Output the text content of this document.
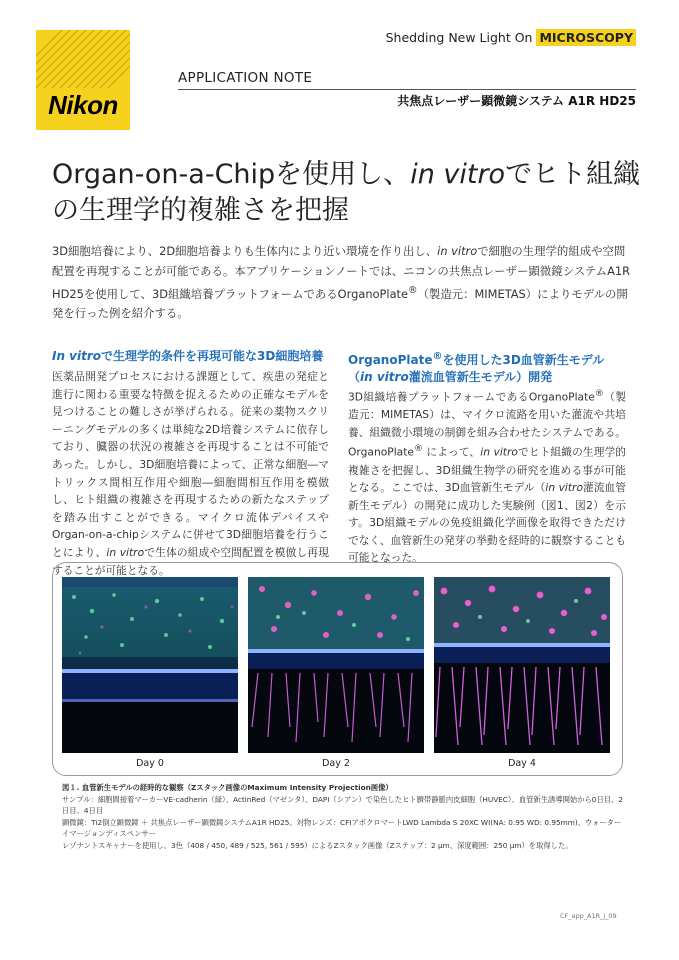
Nikon
Shedding New Light On MICROSCOPY
APPLICATION NOTE
共焦点レーザー顕微鏡システム A1R HD25
Organ-on-a-Chipを使用し、in vitroでヒト組織
の生理学的複雑さを把握
3D細胞培養により、2D細胞培養よりも生体内により近い環境を作り出し、in vitroで細胞の生理学的組成や空間配置を再現することが可能である。本アプリケーションノートでは、ニコンの共焦点レーザー顕微鏡システムA1R HD25を使用して、3D組織培養プラットフォームであるOrganoPlate®（製造元：MIMETAS）によりモデルの開発を行った例を紹介する。
In vitroで生理学的条件を再現可能な3D細胞培養
医薬品開発プロセスにおける課題として、疾患の発症と進行に関わる重要な特徴を捉えるための正確なモデルを見つけることの難しさが挙げられる。従来の薬物スクリーニングモデルの多くは単純な2D培養システムに依存しており、臓器の状況の複雑さを再現することは不可能であった。しかし、3D細胞培養によって、正常な細胞―マトリックス間相互作用や細胞―細胞間相互作用を模倣し、ヒト組織の複雑さを再現するための新たなステップを踏み出すことができる。マイクロ流体デバイスやOrgan-on-a-chipシステムに併せて3D細胞培養を行うことにより、in vitroで生体の組成や空間配置を模倣し再現することが可能となる。
OrganoPlate®を使用した3D血管新生モデル（in vitro灌流血管新生モデル）開発
3D組織培養プラットフォームであるOrganoPlate®（製造元：MIMETAS）は、マイクロ流路を用いた灌流や共培養、組織微小環境の制御を組み合わせたシステムである。OrganoPlate® によって、in vitroでヒト組織の生理学的複雑さを把握し、3D組織生物学の研究を進める事が可能となる。ここでは、3D血管新生モデル（in vitro灌流血管新生モデル）の開発に成功した実験例（図1、図2）を示す。3D組織モデルの免疫組織化学画像を取得できただけでなく、血管新生の発芽の挙動を経時的に観察することも可能となった。
Day 0	Day 2	Day 4
図１. 血管新生モデルの経時的な観察（Zスタック画像のMaximum Intensity Projection画像）
サンプル：細胞間接着マーカーVE-cadherin（緑）、ActinRed（マゼンタ）、DAPI（シアン）で染色したヒト臍帯静脈内皮細胞（HUVEC）、血管新生誘導開始から0日目、2日目、4日目
顕微鏡：Ti2倒立顕微鏡 ＋ 共焦点レーザー顕微鏡システムA1R HD25、対物レンズ：CFIアポクロマートLWD Lambda S 20XC WI(NA: 0.95 WD: 0.95mm)、ウォーターイマージョンディスペンサー
レゾナントスキャナーを使用し、3色（408 / 450, 489 / 525, 561 / 595）によるZスタック画像（Zステップ：2 µm、深度範囲：250 µm）を取得した。
CF_app_A1R_j_09
